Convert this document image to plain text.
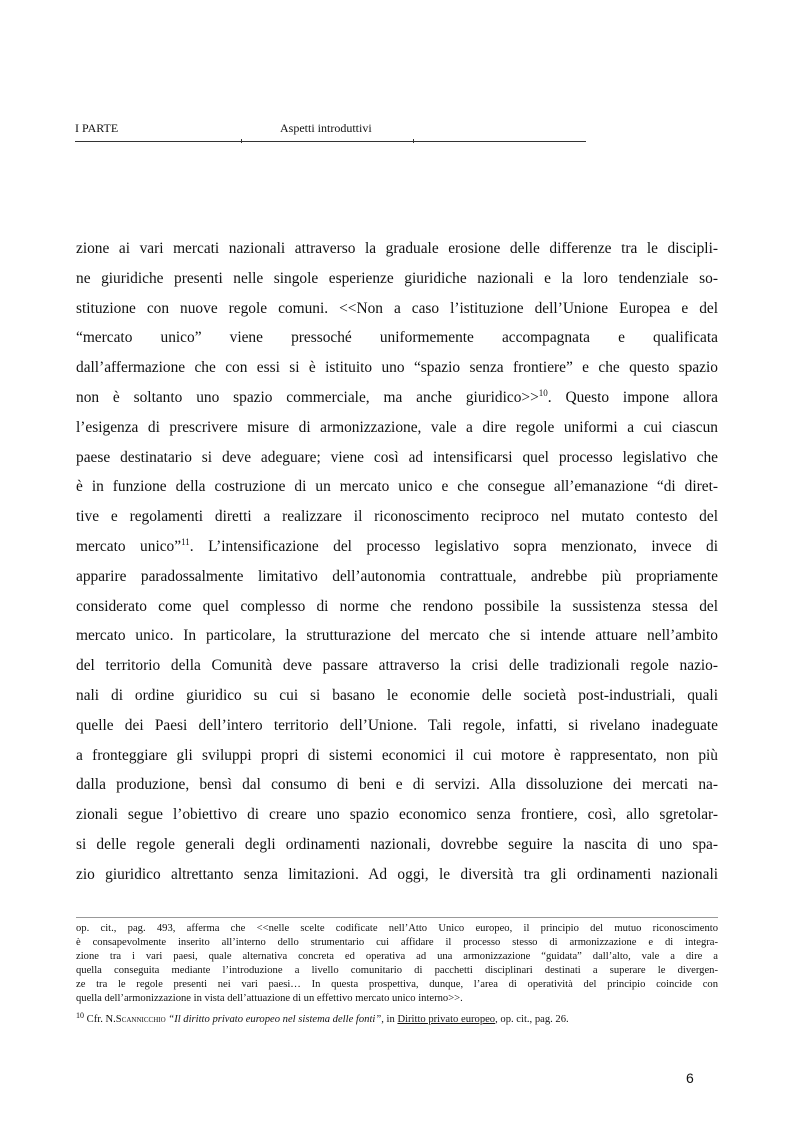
I PARTE	Aspetti introduttivi
zione ai vari mercati nazionali attraverso la graduale erosione delle differenze tra le discipli-
ne giuridiche presenti nelle singole esperienze giuridiche nazionali e la loro tendenziale so-
stituzione con nuove regole comuni. <<Non a caso l’istituzione dell’Unione Europea e del
“mercato unico” viene pressoché uniformemente accompagnata e qualificata
dall’affermazione che con essi si è istituito uno “spazio senza frontiere” e che questo spazio
non è soltanto uno spazio commerciale, ma anche giuridico>>$^{10}$. Questo impone allora
l’esigenza di prescrivere misure di armonizzazione, vale a dire regole uniformi a cui ciascun
paese destinatario si deve adeguare; viene così ad intensificarsi quel processo legislativo che
è in funzione della costruzione di un mercato unico e che consegue all’emanazione “di diret-
tive e regolamenti diretti a realizzare il riconoscimento reciproco nel mutato contesto del
mercato unico”$^{11}$. L’intensificazione del processo legislativo sopra menzionato, invece di
apparire paradossalmente limitativo dell’autonomia contrattuale, andrebbe più propriamente
considerato come quel complesso di norme che rendono possibile la sussistenza stessa del
mercato unico. In particolare, la strutturazione del mercato che si intende attuare nell’ambito
del territorio della Comunità deve passare attraverso la crisi delle tradizionali regole nazio-
nali di ordine giuridico su cui si basano le economie delle società post-industriali, quali
quelle dei Paesi dell’intero territorio dell’Unione. Tali regole, infatti, si rivelano inadeguate
a fronteggiare gli sviluppi propri di sistemi economici il cui motore è rappresentato, non più
dalla produzione, bensì dal consumo di beni e di servizi. Alla dissoluzione dei mercati na-
zionali segue l’obiettivo di creare uno spazio economico senza frontiere, così, allo sgretolar-
si delle regole generali degli ordinamenti nazionali, dovrebbe seguire la nascita di uno spa-
zio giuridico altrettanto senza limitazioni. Ad oggi, le diversità tra gli ordinamenti nazionali
op. cit., pag. 493, afferma che <<nelle scelte codificate nell’Atto Unico europeo, il principio del mutuo riconoscimento
è consapevolmente inserito all’interno dello strumentario cui affidare il processo stesso di armonizzazione e di integra-
zione tra i vari paesi, quale alternativa concreta ed operativa ad una armonizzazione “guidata” dall’alto, vale a dire a
quella conseguita mediante l’introduzione a livello comunitario di pacchetti disciplinari destinati a superare le divergen-
ze tra le regole presenti nei vari paesi… In questa prospettiva, dunque, l’area di operatività del principio coincide con
quella dell’armonizzazione in vista dell’attuazione di un effettivo mercato unico interno>>.
$^{10}$ Cfr. N.Scannicchio “Il diritto privato europeo nel sistema delle fonti”, in Diritto privato europeo, op. cit., pag. 26.
6
